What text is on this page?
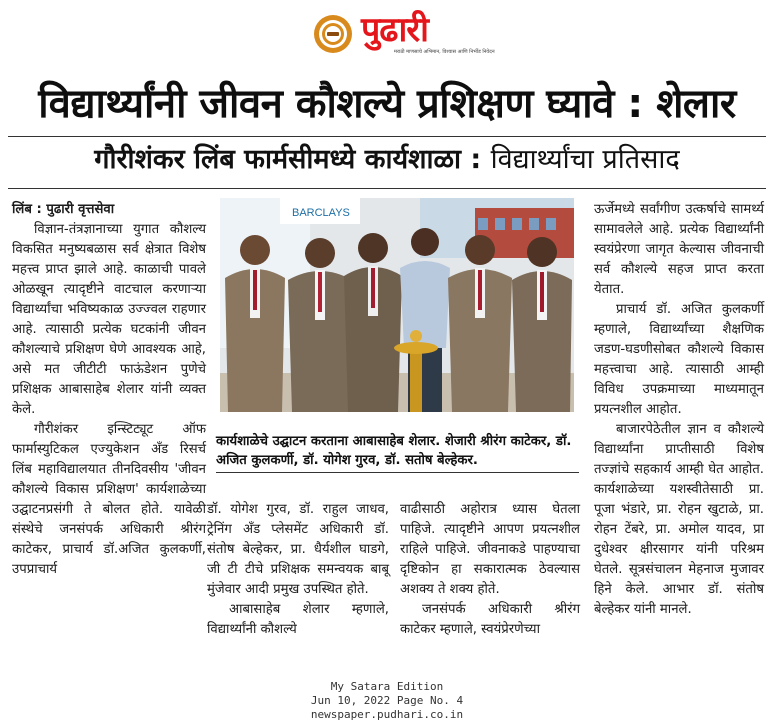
पुढारी
मराठी माणसाचे अभिमान, विश्वास आणि निर्भीड निवेदन
विद्यार्थ्यांनी जीवन कौशल्ये प्रशिक्षण घ्यावे : शेलार
गौरीशंकर लिंब फार्मसीमध्ये कार्यशाळा : विद्यार्थ्यांचा प्रतिसाद
लिंब : पुढारी वृत्तसेवा

विज्ञान-तंत्रज्ञानाच्या युगात कौशल्य विकसित मनुष्यबळास सर्व क्षेत्रात विशेष महत्त्व प्राप्त झाले आहे. काळाची पावले ओळखून त्यादृष्टीने वाटचाल करणाऱ्या विद्यार्थ्यांचा भविष्यकाळ उज्ज्वल राहणार आहे. त्यासाठी प्रत्येक घटकांनी जीवन कौशल्याचे प्रशिक्षण घेणे आवश्यक आहे, असे मत जीटीटी फाऊंडेशन पुणेचे प्रशिक्षक आबासाहेब शेलार यांनी व्यक्त केले.

गौरीशंकर इन्स्टिट्यूट ऑफ फार्मास्युटिकल एज्युकेशन अँड रिसर्च लिंब महाविद्यालयात तीनदिवसीय 'जीवन कौशल्ये विकास प्रशिक्षण' कार्यशाळेच्या उद्घाटनप्रसंगी ते बोलत होते. यावेळी संस्थेचे जनसंपर्क अधिकारी श्रीरंग काटेकर, प्राचार्य डॉ.अजित कुलकर्णी, उपप्राचार्य

BARCLAYS
कार्यशाळेचे उद्घाटन करताना आबासाहेब शेलार. शेजारी श्रीरंग काटेकर, डॉ. अजित कुलकर्णी, डॉ. योगेश गुरव, डॉ. सतोष बेल्हेकर.

डॉ. योगेश गुरव, डॉ. राहुल जाधव, ट्रेनिंग अँड प्लेसमेंट अधिकारी डॉ. संतोष बेल्हेकर, प्रा. धैर्यशील घाडगे, जी टी टीचे प्रशिक्षक समन्वयक बाबू मुंजेवार आदी प्रमुख उपस्थित होते.

आबासाहेब शेलार म्हणाले, विद्यार्थ्यांनी कौशल्ये

वाढीसाठी अहोरात्र ध्यास घेतला पाहिजे. त्यादृष्टीने आपण प्रयत्नशील राहिले पाहिजे. जीवनाकडे पाहण्याचा दृष्टिकोन हा सकारात्मक ठेवल्यास अशक्य ते शक्य होते.

जनसंपर्क अधिकारी श्रीरंग काटेकर म्हणाले, स्वयंप्रेरणेच्या

ऊर्जेमध्ये सर्वांगीण उत्कर्षाचे सामर्थ्य सामावलेले आहे. प्रत्येक विद्यार्थ्यांनी स्वयंप्रेरणा जागृत केल्यास जीवनाची सर्व कौशल्ये सहज प्राप्त करता येतात.

प्राचार्य डॉ. अजित कुलकर्णी म्हणाले, विद्यार्थ्यांच्या शैक्षणिक जडण-घडणीसोबत कौशल्ये विकास महत्त्वाचा आहे. त्यासाठी आम्ही विविध उपक्रमाच्या माध्यमातून प्रयत्नशील आहोत.

बाजारपेठेतील ज्ञान व कौशल्ये विद्यार्थ्यांना प्राप्तीसाठी विशेष तज्ज्ञांचे सहकार्य आम्ही घेत आहोत. कार्यशाळेच्या यशस्वीतेसाठी प्रा. पूजा भंडारे, प्रा. रोहन खुटाळे, प्रा. रोहन टेंबरे, प्रा. अमोल यादव, प्रा दुधेश्वर क्षीरसागर यांनी परिश्रम घेतले. सूत्रसंचालन मेहनाज मुजावर हिने केले. आभार डॉ. संतोष बेल्हेकर यांनी मानले.

My Satara Edition
Jun 10, 2022 Page No. 4
newspaper.pudhari.co.in
